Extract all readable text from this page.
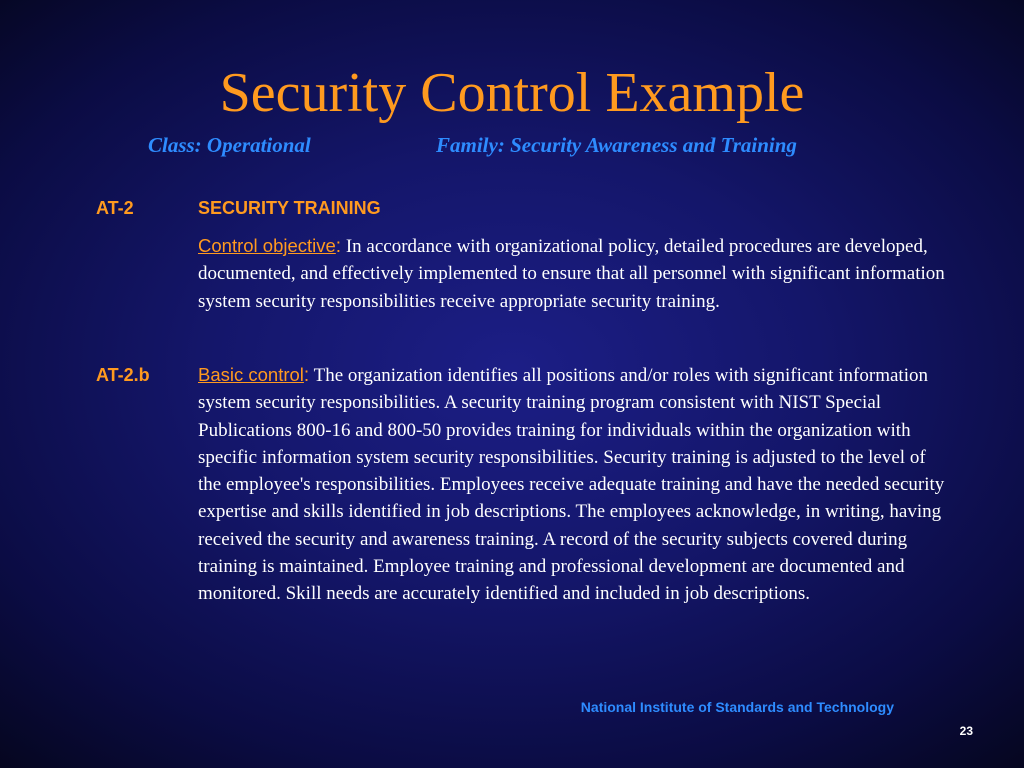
Security Control Example
Class: Operational	Family: Security Awareness and Training
AT-2	SECURITY TRAINING
Control objective: In accordance with organizational policy, detailed procedures are developed, documented, and effectively implemented to ensure that all personnel with significant information system security responsibilities receive appropriate security training.
AT-2.b	Basic control: The organization identifies all positions and/or roles with significant information system security responsibilities. A security training program consistent with NIST Special Publications 800-16 and 800-50 provides training for individuals within the organization with specific information system security responsibilities. Security training is adjusted to the level of the employee's responsibilities. Employees receive adequate training and have the needed security expertise and skills identified in job descriptions. The employees acknowledge, in writing, having received the security and awareness training. A record of the security subjects covered during training is maintained. Employee training and professional development are documented and monitored. Skill needs are accurately identified and included in job descriptions.
National Institute of Standards and Technology
23
